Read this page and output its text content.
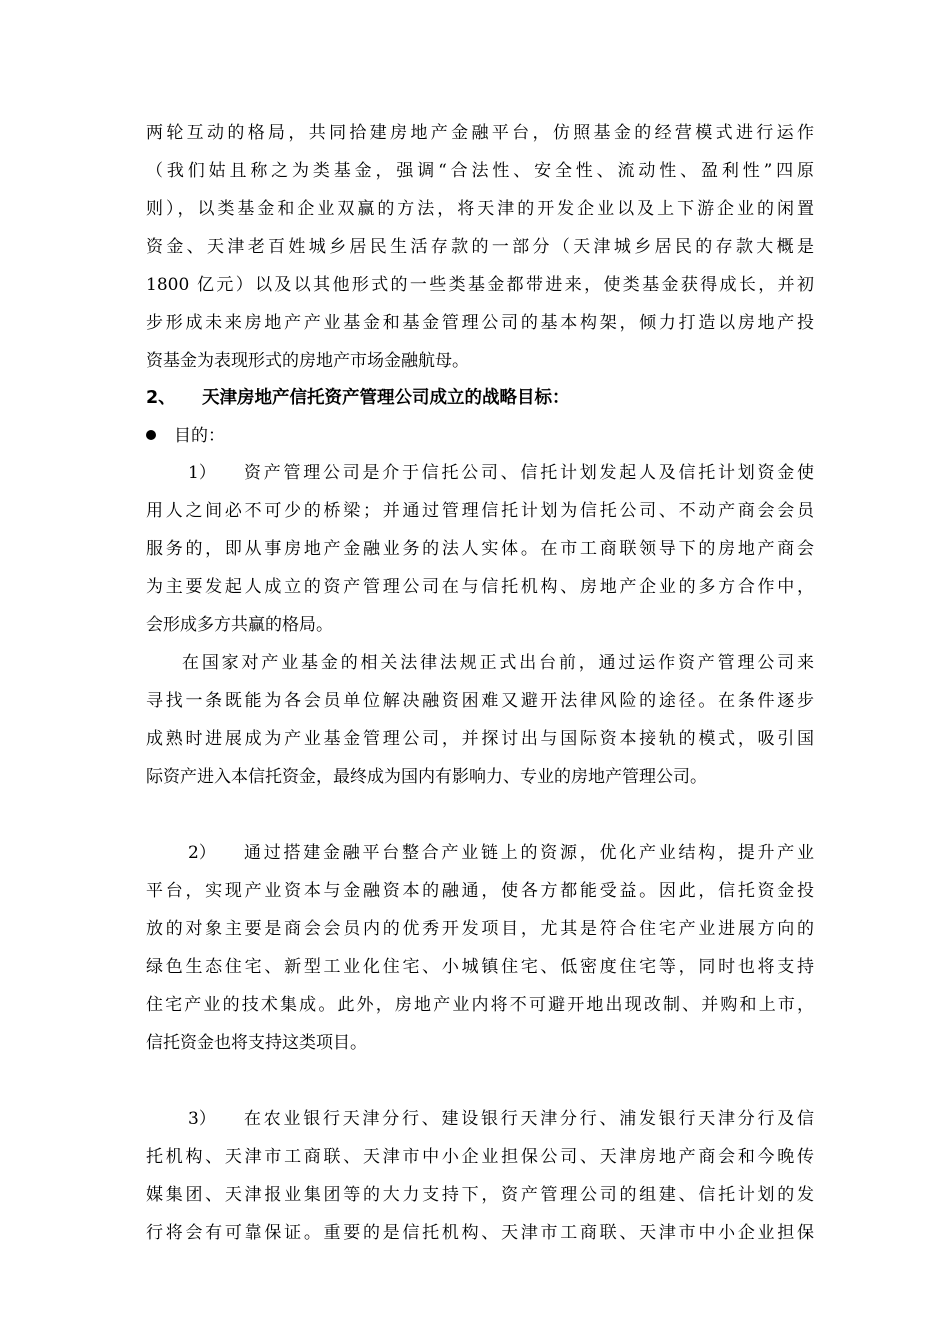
两轮互动的格局，共同拾建房地产金融平台，仿照基金的经营模式进行运作
（我们姑且称之为类基金，强调“合法性、安全性、流动性、盈利性”四原
则），以类基金和企业双赢的方法，将天津的开发企业以及上下游企业的闲置
资金、天津老百姓城乡居民生活存款的一部分（天津城乡居民的存款大概是
1800 亿元）以及以其他形式的一些类基金都带进来，使类基金获得成长，并初
步形成未来房地产产业基金和基金管理公司的基本构架，倾力打造以房地产投
资基金为表现形式的房地产市场金融航母。
2、 天津房地产信托资产管理公司成立的战略目标：
目的：
1） 资产管理公司是介于信托公司、信托计划发起人及信托计划资金使
用人之间必不可少的桥梁；并通过管理信托计划为信托公司、不动产商会会员
服务的，即从事房地产金融业务的法人实体。在市工商联领导下的房地产商会
为主要发起人成立的资产管理公司在与信托机构、房地产企业的多方合作中，
会形成多方共赢的格局。
在国家对产业基金的相关法律法规正式出台前，通过运作资产管理公司来
寻找一条既能为各会员单位解决融资困难又避开法律风险的途径。在条件逐步
成熟时进展成为产业基金管理公司，并探讨出与国际资本接轨的模式，吸引国
际资产进入本信托资金，最终成为国内有影响力、专业的房地产管理公司。
2） 通过搭建金融平台整合产业链上的资源，优化产业结构，提升产业
平台，实现产业资本与金融资本的融通，使各方都能受益。因此，信托资金投
放的对象主要是商会会员内的优秀开发项目，尤其是符合住宅产业进展方向的
绿色生态住宅、新型工业化住宅、小城镇住宅、低密度住宅等，同时也将支持
住宅产业的技术集成。此外，房地产业内将不可避开地出现改制、并购和上市，
信托资金也将支持这类项目。
3） 在农业银行天津分行、建设银行天津分行、浦发银行天津分行及信
托机构、天津市工商联、天津市中小企业担保公司、天津房地产商会和今晚传
媒集团、天津报业集团等的大力支持下，资产管理公司的组建、信托计划的发
行将会有可靠保证。重要的是信托机构、天津市工商联、天津市中小企业担保
